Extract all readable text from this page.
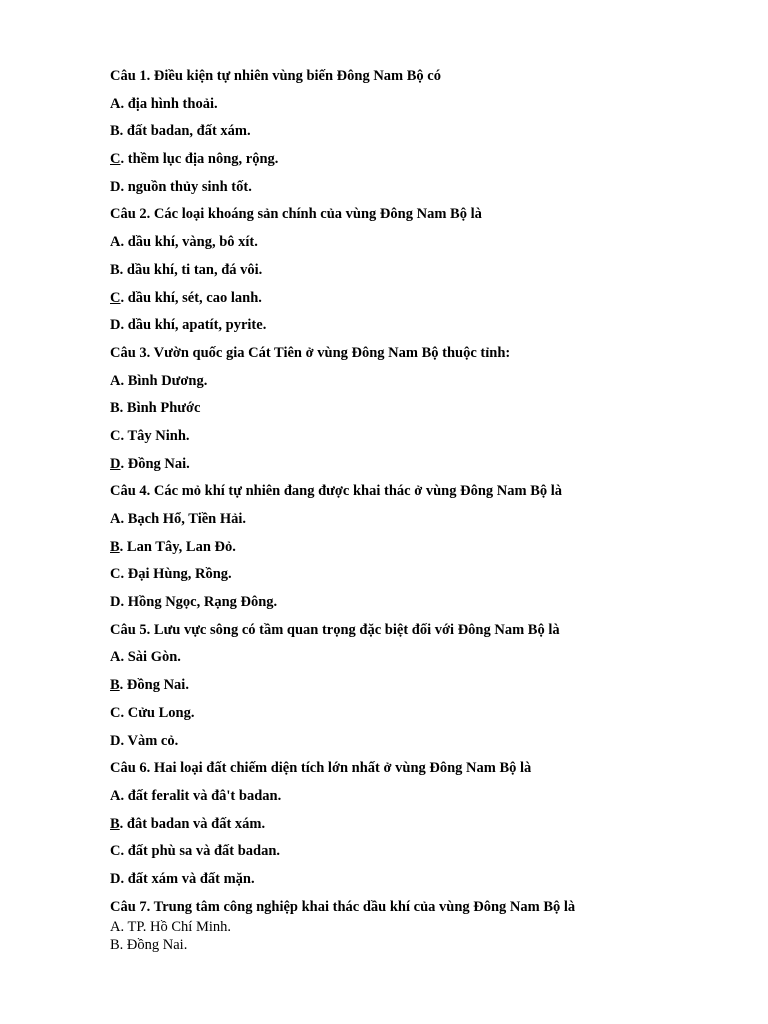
Câu 1. Điều kiện tự nhiên vùng biến Đông Nam Bộ có
A. địa hình thoải.
B. đất badan, đất xám.
C. thềm lục địa nông, rộng.
D. nguồn thủy sinh tốt.
Câu 2. Các loại khoáng sản chính của vùng Đông Nam Bộ là
A. dầu khí, vàng, bô xít.
B. dầu khí, ti tan, đá vôi.
C. dầu khí, sét, cao lanh.
D. dầu khí, apatít, pyrite.
Câu 3. Vườn quốc gia Cát Tiên ở vùng Đông Nam Bộ thuộc tỉnh:
A. Bình Dương.
B. Bình Phước
C. Tây Ninh.
D. Đồng Nai.
Câu 4. Các mỏ khí tự nhiên đang được khai thác ở vùng Đông Nam Bộ là
A. Bạch Hổ, Tiền Hải.
B. Lan Tây, Lan Đỏ.
C. Đại Hùng, Rồng.
D. Hồng Ngọc, Rạng Đông.
Câu 5. Lưu vực sông có tầm quan trọng đặc biệt đối với Đông Nam Bộ là
A. Sài Gòn.
B. Đồng Nai.
C. Cửu Long.
D. Vàm cỏ.
Câu 6. Hai loại đất chiếm diện tích lớn nhất ở vùng Đông Nam Bộ là
A. đất feralit và đâ't badan.
B. đât badan và đất xám.
C. đất phù sa và đất badan.
D. đất xám và đất mặn.
Câu 7. Trung tâm công nghiệp khai thác dầu khí của vùng Đông Nam Bộ là
A. TP. Hồ Chí Minh.
B. Đồng Nai.
